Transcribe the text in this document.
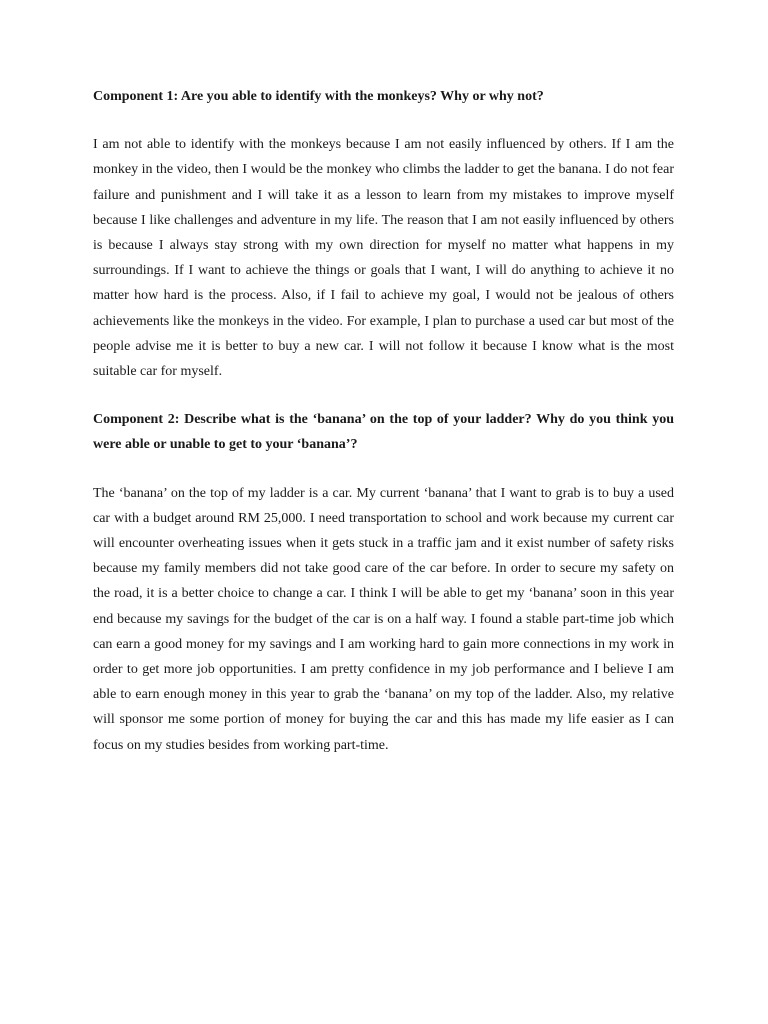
Component 1: Are you able to identify with the monkeys? Why or why not?

I am not able to identify with the monkeys because I am not easily influenced by others. If I am the monkey in the video, then I would be the monkey who climbs the ladder to get the banana. I do not fear failure and punishment and I will take it as a lesson to learn from my mistakes to improve myself because I like challenges and adventure in my life. The reason that I am not easily influenced by others is because I always stay strong with my own direction for myself no matter what happens in my surroundings. If I want to achieve the things or goals that I want, I will do anything to achieve it no matter how hard is the process. Also, if I fail to achieve my goal, I would not be jealous of others achievements like the monkeys in the video. For example, I plan to purchase a used car but most of the people advise me it is better to buy a new car. I will not follow it because I know what is the most suitable car for myself.

Component 2: Describe what is the ‘banana’ on the top of your ladder? Why do you think you were able or unable to get to your ‘banana’?

The ‘banana’ on the top of my ladder is a car. My current ‘banana’ that I want to grab is to buy a used car with a budget around RM 25,000. I need transportation to school and work because my current car will encounter overheating issues when it gets stuck in a traffic jam and it exist number of safety risks because my family members did not take good care of the car before. In order to secure my safety on the road, it is a better choice to change a car. I think I will be able to get my ‘banana’ soon in this year end because my savings for the budget of the car is on a half way. I found a stable part-time job which can earn a good money for my savings and I am working hard to gain more connections in my work in order to get more job opportunities. I am pretty confidence in my job performance and I believe I am able to earn enough money in this year to grab the ‘banana’ on my top of the ladder. Also, my relative will sponsor me some portion of money for buying the car and this has made my life easier as I can focus on my studies besides from working part-time.
